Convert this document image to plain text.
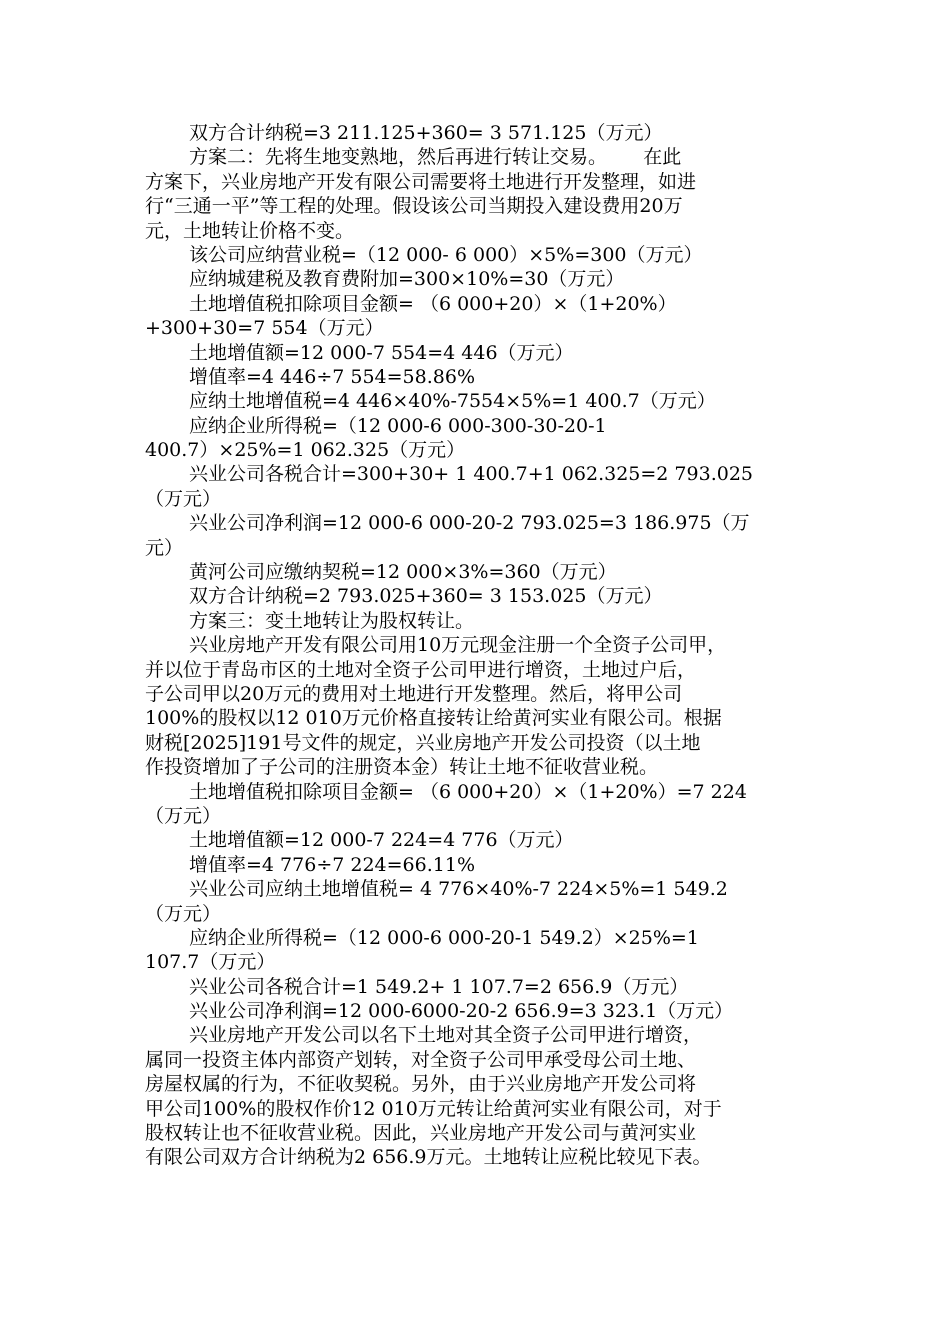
双方合计纳税=3 211.125+360= 3 571.125（万元）
方案二：先将生地变熟地，然后再进行转让交易。      在此
方案下，兴业房地产开发有限公司需要将土地进行开发整理，如进
行“三通一平”等工程的处理。假设该公司当期投入建设费用20万
元，土地转让价格不变。
该公司应纳营业税=（12 000- 6 000）×5%=300（万元）
应纳城建税及教育费附加=300×10%=30（万元）
土地增值税扣除项目金额= （6 000+20）×（1+20%）
+300+30=7 554（万元）
土地增值额=12 000-7 554=4 446（万元）
增值率=4 446÷7 554=58.86%
应纳土地增值税=4 446×40%-7554×5%=1 400.7（万元）
应纳企业所得税=（12 000-6 000-300-30-20-1
400.7）×25%=1 062.325（万元）
兴业公司各税合计=300+30+ 1 400.7+1 062.325=2 793.025
（万元）
兴业公司净利润=12 000-6 000-20-2 793.025=3 186.975（万
元）
黄河公司应缴纳契税=12 000×3%=360（万元）
双方合计纳税=2 793.025+360= 3 153.025（万元）
方案三：变土地转让为股权转让。
兴业房地产开发有限公司用10万元现金注册一个全资子公司甲，
并以位于青岛市区的土地对全资子公司甲进行增资，土地过户后，
子公司甲以20万元的费用对土地进行开发整理。然后，将甲公司
100%的股权以12 010万元价格直接转让给黄河实业有限公司。根据
财税[2025]191号文件的规定，兴业房地产开发公司投资（以土地
作投资增加了子公司的注册资本金）转让土地不征收营业税。
土地增值税扣除项目金额= （6 000+20）×（1+20%）=7 224
（万元）
土地增值额=12 000-7 224=4 776（万元）
增值率=4 776÷7 224=66.11%
兴业公司应纳土地增值税= 4 776×40%-7 224×5%=1 549.2
（万元）
应纳企业所得税=（12 000-6 000-20-1 549.2）×25%=1
107.7（万元）
兴业公司各税合计=1 549.2+ 1 107.7=2 656.9（万元）
兴业公司净利润=12 000-6000-20-2 656.9=3 323.1（万元）
兴业房地产开发公司以名下土地对其全资子公司甲进行增资，
属同一投资主体内部资产划转，对全资子公司甲承受母公司土地、
房屋权属的行为，不征收契税。另外，由于兴业房地产开发公司将
甲公司100%的股权作价12 010万元转让给黄河实业有限公司，对于
股权转让也不征收营业税。因此，兴业房地产开发公司与黄河实业
有限公司双方合计纳税为2 656.9万元。土地转让应税比较见下表。
